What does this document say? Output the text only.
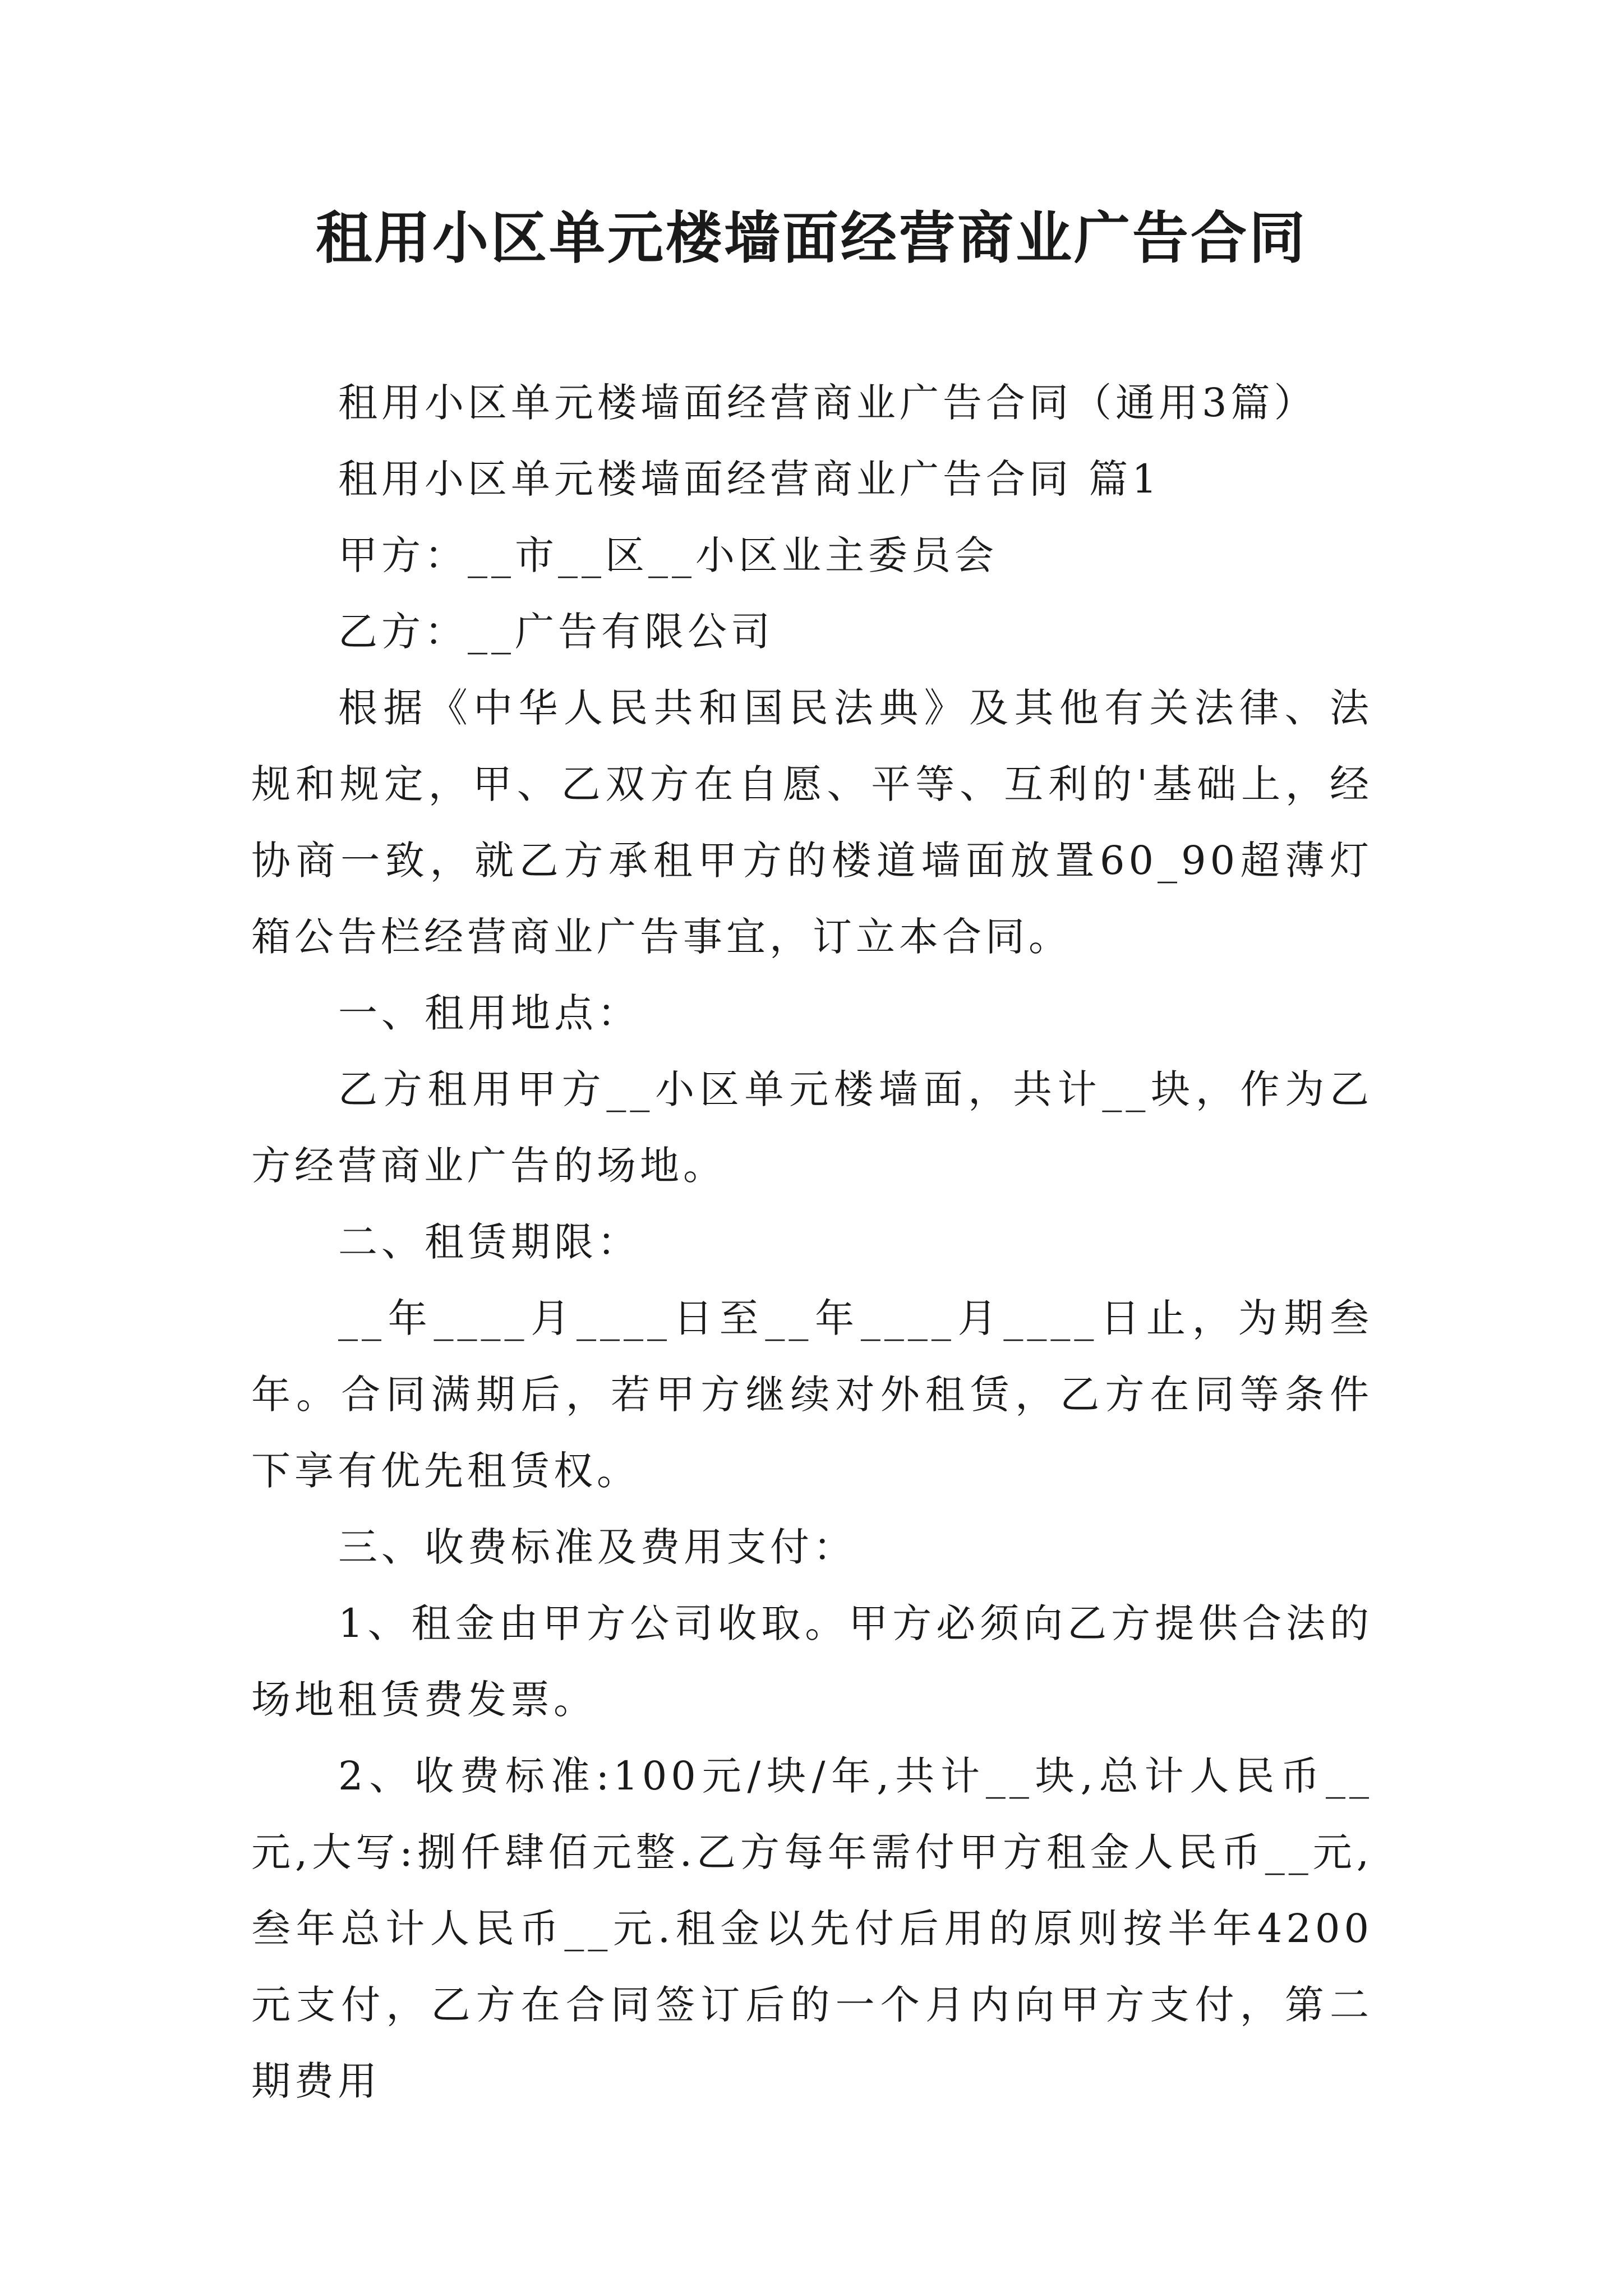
租用小区单元楼墙面经营商业广告合同

租用小区单元楼墙面经营商业广告合同（通用3篇）

租用小区单元楼墙面经营商业广告合同 篇1

甲方：__市__区__小区业主委员会

乙方：__广告有限公司

根据《中华人民共和国民法典》及其他有关法律、法规和规定，甲、乙双方在自愿、平等、互利的'基础上，经协商一致，就乙方承租甲方的楼道墙面放置60_90超薄灯箱公告栏经营商业广告事宜，订立本合同。

一、租用地点：

乙方租用甲方__小区单元楼墙面，共计__块，作为乙方经营商业广告的场地。

二、租赁期限：

__年____月____日至__年____月____日止，为期叁年。合同满期后，若甲方继续对外租赁，乙方在同等条件下享有优先租赁权。

三、收费标准及费用支付：

1、租金由甲方公司收取。甲方必须向乙方提供合法的场地租赁费发票。

2、收费标准:100元/块/年,共计__块,总计人民币__元,大写:捌仟肆佰元整.乙方每年需付甲方租金人民币__元,叁年总计人民币__元.租金以先付后用的原则按半年4200元支付，乙方在合同签订后的一个月内向甲方支付，第二期费用
